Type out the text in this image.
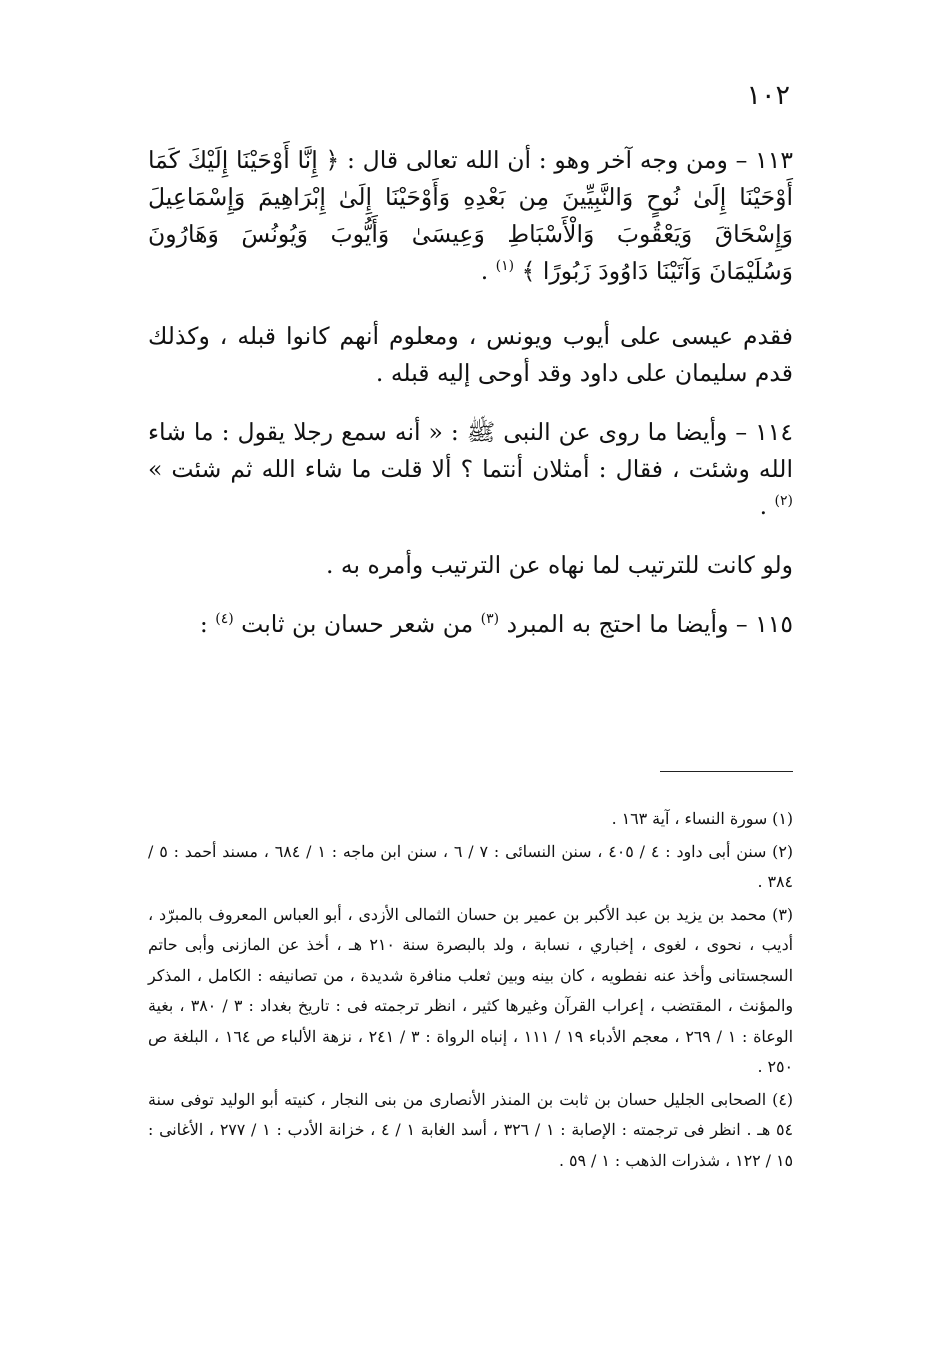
١٠٢

١١٣ – ومن وجه آخر وهو : أن الله تعالى قال : ﴿ إِنَّا أَوْحَيْنَا إِلَيْكَ كَمَا أَوْحَيْنَا إِلَىٰ نُوحٍ وَالنَّبِيِّينَ مِن بَعْدِهِ وَأَوْحَيْنَا إِلَىٰ إِبْرَاهِيمَ وَإِسْمَاعِيلَ وَإِسْحَاقَ وَيَعْقُوبَ وَالْأَسْبَاطِ وَعِيسَىٰ وَأَيُّوبَ وَيُونُسَ وَهَارُونَ وَسُلَيْمَانَ وَآتَيْنَا دَاوُودَ زَبُورًا ﴾ $^{(١)}$ .

فقدم عيسى على أيوب ويونس ، ومعلوم أنهم كانوا قبله ، وكذلك قدم سليمان على داود وقد أوحى إليه قبله .

١١٤ – وأيضا ما روى عن النبى ﷺ : « أنه سمع رجلا يقول : ما شاء الله وشئت ، فقال : أمثلان أنتما ؟ ألا قلت ما شاء الله ثم شئت » $^{(٢)}$ .

ولو كانت للترتيب لما نهاه عن الترتيب وأمره به .

١١٥ – وأيضا ما احتج به المبرد $^{(٣)}$ من شعر حسان بن ثابت $^{(٤)}$ :

(١) سورة النساء ، آية ١٦٣ .

(٢) سنن أبى داود : ٤ / ٤٠٥ ، سنن النسائى : ٧ / ٦ ، سنن ابن ماجه : ١ / ٦٨٤ ، مسند أحمد : ٥ / ٣٨٤ .

(٣) محمد بن يزيد بن عبد الأكبر بن عمير بن حسان الثمالى الأزدى ، أبو العباس المعروف بالمبرّد ، أديب ، نحوى ، لغوى ، إخباري ، نسابة ، ولد بالبصرة سنة ٢١٠ هـ ، أخذ عن المازنى وأبى حاتم السجستانى وأخذ عنه نفطويه ، كان بينه وبين ثعلب منافرة شديدة ، من تصانيفه : الكامل ، المذكر والمؤنث ، المقتضب ، إعراب القرآن وغيرها كثير ، انظر ترجمته فى : تاريخ بغداد : ٣ / ٣٨٠ ، بغية الوعاة : ١ / ٢٦٩ ، معجم الأدباء ١٩ / ١١١ ، إنباه الرواة : ٣ / ٢٤١ ، نزهة الألباء ص ١٦٤ ، البلغة ص ٢٥٠ .

(٤) الصحابى الجليل حسان بن ثابت بن المنذر الأنصارى من بنى النجار ، كنيته أبو الوليد توفى سنة ٥٤ هـ . انظر فى ترجمته : الإصابة : ١ / ٣٢٦ ، أسد الغابة ١ / ٤ ، خزانة الأدب : ١ / ٢٧٧ ، الأغانى : ١٥ / ١٢٢ ، شذرات الذهب : ١ / ٥٩ .
